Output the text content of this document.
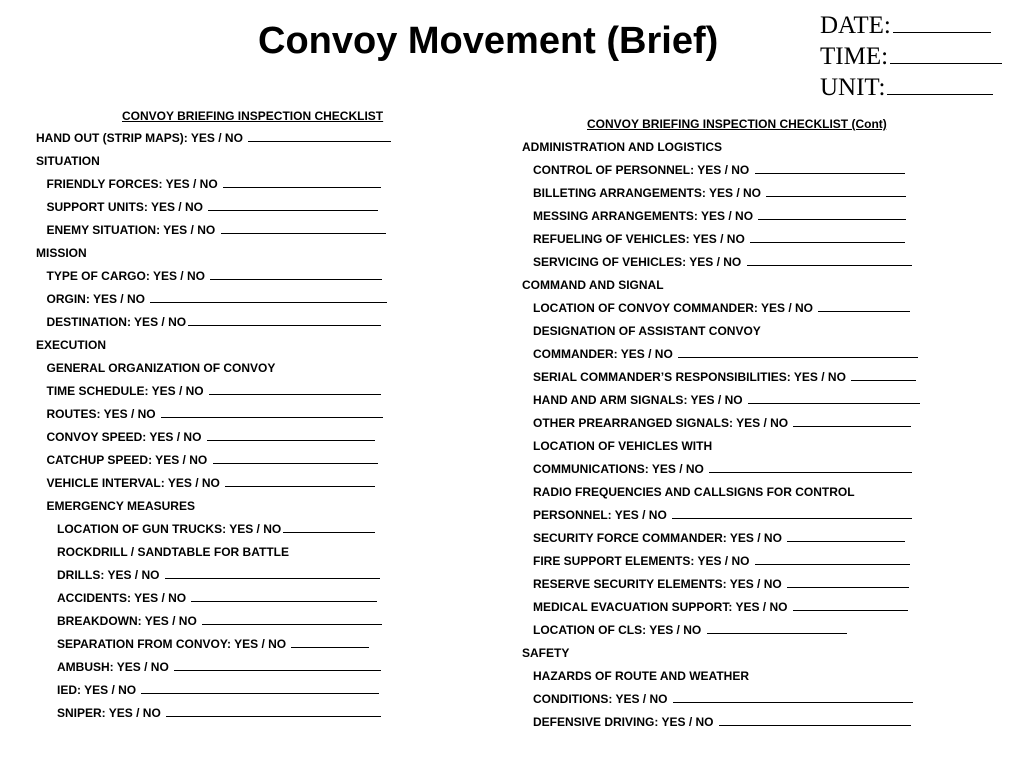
Convoy Movement (Brief)	DATE:
TIME:
UNIT:
CONVOY BRIEFING INSPECTION CHECKLIST
HAND OUT (STRIP MAPS): YES / NO
SITUATION
FRIENDLY FORCES: YES / NO
SUPPORT UNITS: YES / NO
ENEMY SITUATION: YES / NO
MISSION
TYPE OF CARGO: YES / NO
ORGIN: YES / NO
DESTINATION: YES / NO
EXECUTION
GENERAL ORGANIZATION OF CONVOY
TIME SCHEDULE: YES / NO
ROUTES: YES / NO
CONVOY SPEED: YES / NO
CATCHUP SPEED: YES / NO
VEHICLE INTERVAL: YES / NO
EMERGENCY MEASURES
LOCATION OF GUN TRUCKS: YES / NO
ROCKDRILL / SANDTABLE FOR BATTLE
DRILLS: YES / NO
ACCIDENTS: YES / NO
BREAKDOWN: YES / NO
SEPARATION FROM CONVOY: YES / NO
AMBUSH: YES / NO
IED: YES / NO
SNIPER: YES / NO
CONVOY BRIEFING INSPECTION CHECKLIST (Cont)
ADMINISTRATION AND LOGISTICS
CONTROL OF PERSONNEL: YES / NO
BILLETING ARRANGEMENTS: YES / NO
MESSING ARRANGEMENTS: YES / NO
REFUELING OF VEHICLES: YES / NO
SERVICING OF VEHICLES: YES / NO
COMMAND AND SIGNAL
LOCATION OF CONVOY COMMANDER: YES / NO
DESIGNATION OF ASSISTANT CONVOY
COMMANDER: YES / NO
SERIAL COMMANDER’S RESPONSIBILITIES: YES / NO
HAND AND ARM SIGNALS: YES / NO
OTHER PREARRANGED SIGNALS: YES / NO
LOCATION OF VEHICLES WITH
COMMUNICATIONS: YES / NO
RADIO FREQUENCIES AND CALLSIGNS FOR CONTROL
PERSONNEL: YES / NO
SECURITY FORCE COMMANDER: YES / NO
FIRE SUPPORT ELEMENTS: YES / NO
RESERVE SECURITY ELEMENTS: YES / NO
MEDICAL EVACUATION SUPPORT: YES / NO
LOCATION OF CLS: YES / NO
SAFETY
HAZARDS OF ROUTE AND WEATHER
CONDITIONS: YES / NO
DEFENSIVE DRIVING: YES / NO
